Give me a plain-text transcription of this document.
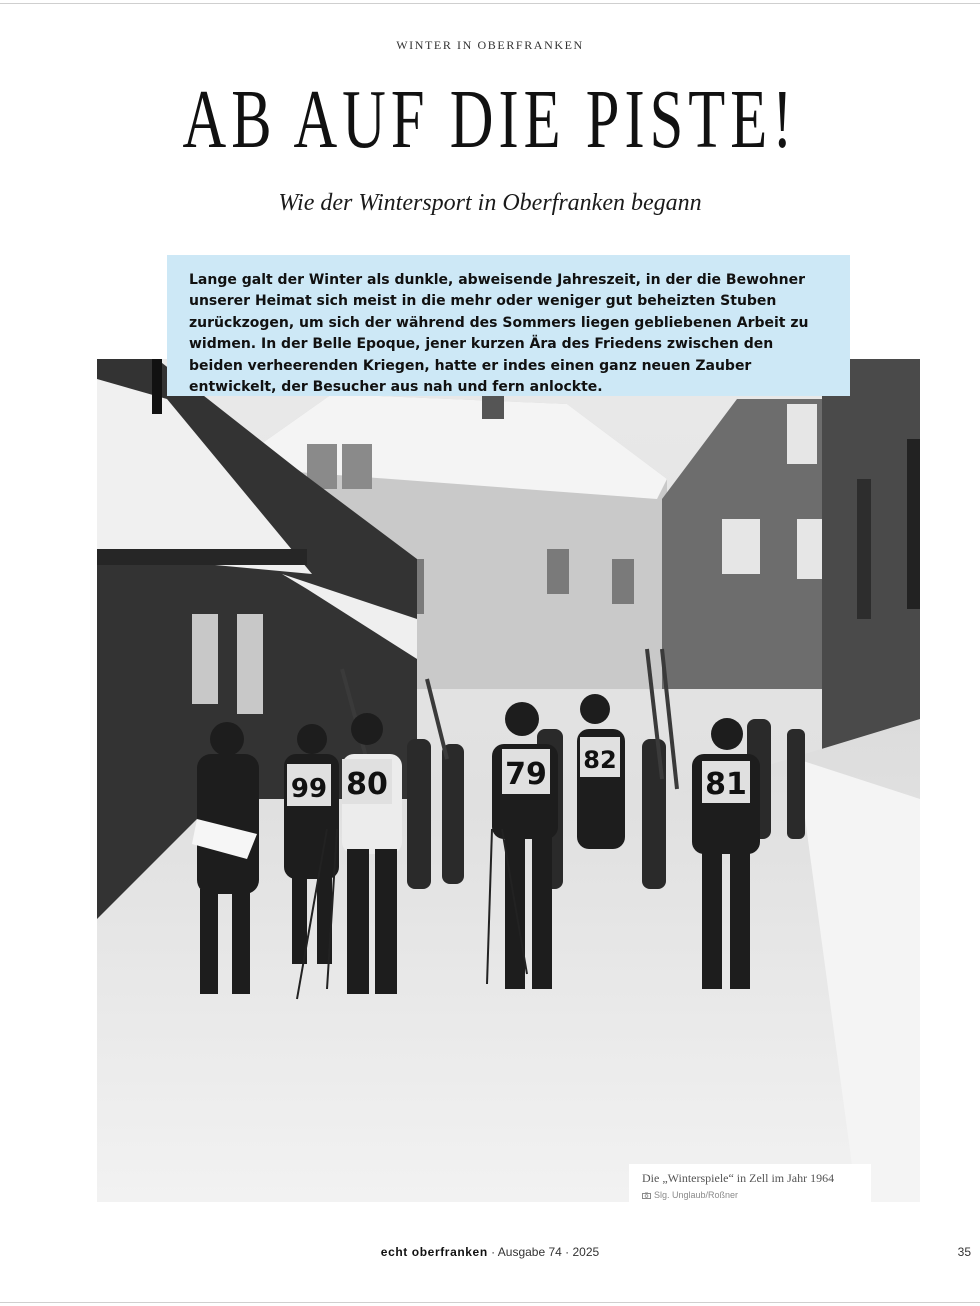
WINTER IN OBERFRANKEN
AB AUF DIE PISTE!
Wie der Wintersport in Oberfranken begann
99 80	79 82
81

Lange galt der Winter als dunkle, abweisende Jahreszeit, in der die Bewohner unserer Heimat sich meist in die mehr oder weniger gut beheizten Stuben zurückzogen, um sich der während des Sommers liegen gebliebenen Arbeit zu widmen. In der Belle Epoque, jener kurzen Ära des Friedens zwischen den beiden verheerenden Kriegen, hatte er indes einen ganz neuen Zauber entwickelt, der Besucher aus nah und fern anlockte.

Die „Winterspiele“ in Zell im Jahr 1964
Slg. Unglaub/Roßner
echt oberfranken · Ausgabe 74 · 2025	35
